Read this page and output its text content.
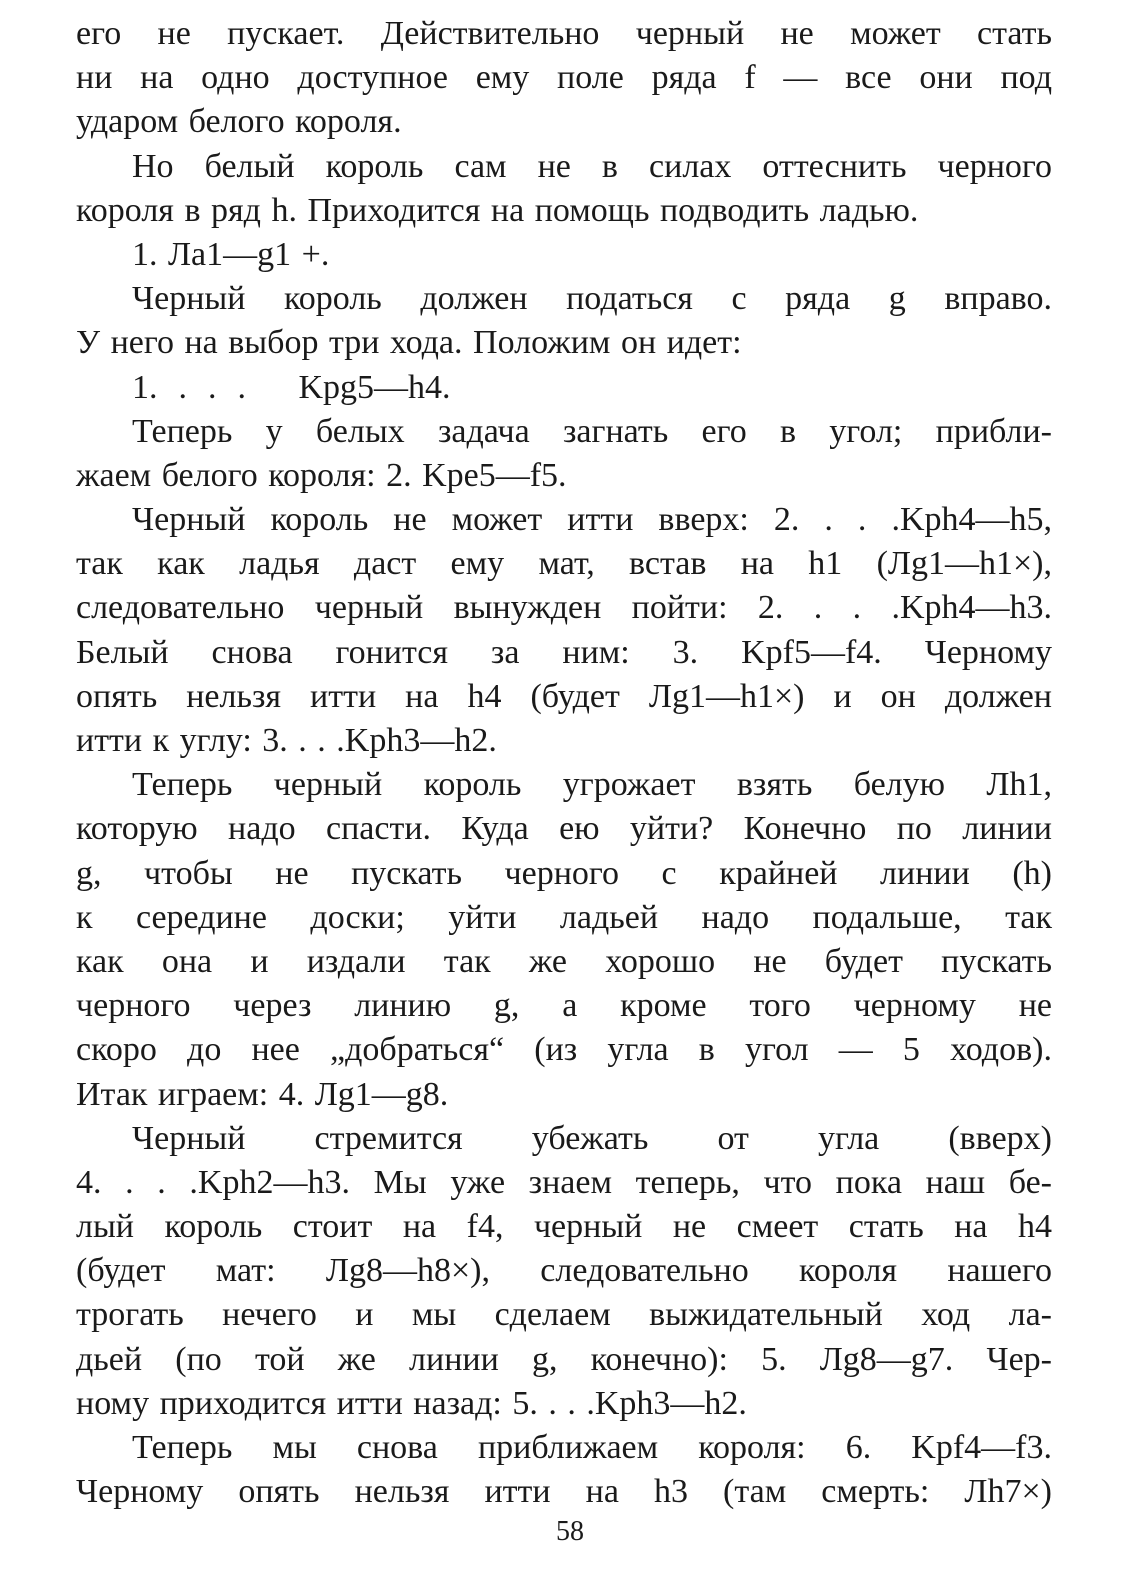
его не пускает. Действительно черный не может стать
ни на одно доступное ему поле ряда f — все они под
ударом белого короля.
Но белый король сам не в силах оттеснить черного
короля в ряд h. Приходится на помощь подводить ладью.
1. Лa1—g1 +.
Черный король должен податься с ряда g вправо.
У него на выбор три хода. Положим он идет:
1.  .  .  .     Kpg5—h4.
Теперь у белых задача загнать его в угол; прибли-
жаем белого короля: 2. Kpe5—f5.
Черный король не может итти вверх: 2. . . .Kph4—h5,
так как ладья даст ему мат, встав на h1 (Лg1—h1×),
следовательно черный вынужден пойти: 2. . . .Kph4—h3.
Белый снова гонится за ним: 3. Kpf5—f4. Черному
опять нельзя итти на h4 (будет Лg1—h1×) и он должен
итти к углу: 3. . . .Kph3—h2.
Теперь черный король угрожает взять белую Лh1,
которую надо спасти. Куда ею уйти? Конечно по линии
g, чтобы не пускать черного с крайней линии (h)
к середине доски; уйти ладьей надо подальше, так
как она и издали так же хорошо не будет пускать
черного через линию g, а кроме того черному не
скоро до нее „добраться“ (из угла в угол — 5 ходов).
Итак играем: 4. Лg1—g8.
Черный стремится убежать от угла (вверх)
4. . . .Kph2—h3. Мы уже знаем теперь, что пока наш бе-
лый король стоит на f4, черный не смеет стать на h4
(будет мат: Лg8—h8×), следовательно короля нашего
трогать нечего и мы сделаем выжидательный ход ла-
дьей (по той же линии g, конечно): 5. Лg8—g7. Чер-
ному приходится итти назад: 5. . . .Kph3—h2.
Теперь мы снова приближаем короля: 6. Kpf4—f3.
Черному опять нельзя итти на h3 (там смерть: Лh7×)
58
